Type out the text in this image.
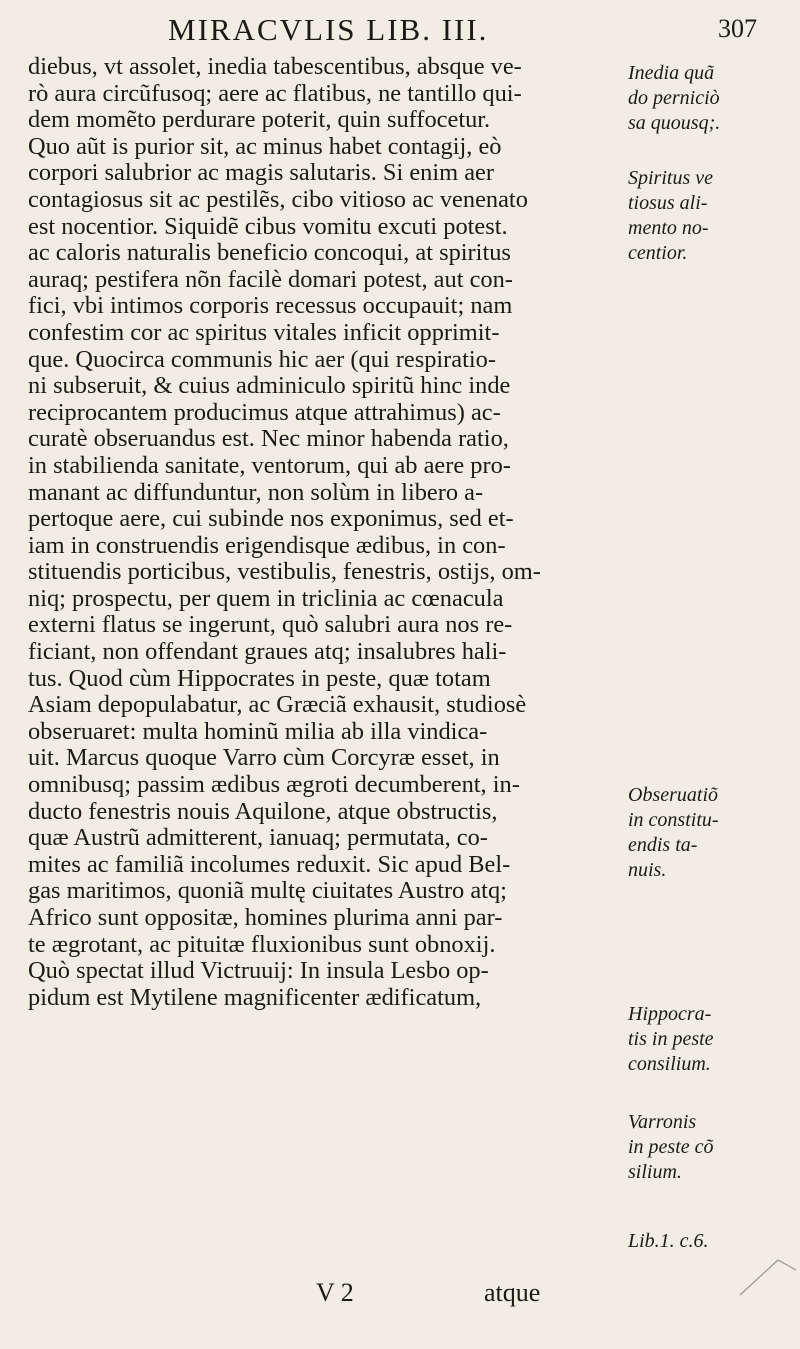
MIRACVLIS LIB. III.	307
diebus, vt assolet, inedia tabescentibus, absque ve-
rò aura circũfusoq; aere ac flatibus, ne tantillo qui-
dem momẽto perdurare poterit, quin suffocetur.
Quo aũt is purior sit, ac minus habet contagij, eò
corpori salubrior ac magis salutaris. Si enim aer
contagiosus sit ac pestilẽs, cibo vitioso ac venenato
est nocentior. Siquidẽ cibus vomitu excuti potest.
ac caloris naturalis beneficio concoqui, at spiritus
auraq; pestifera nõn facilè domari potest, aut con-
fici, vbi intimos corporis recessus occupauit; nam
confestim cor ac spiritus vitales inficit opprimit-
que. Quocirca communis hic aer (qui respiratio-
ni subseruit, & cuius adminiculo spiritũ hinc inde
reciprocantem producimus atque attrahimus) ac-
curatè obseruandus est. Nec minor habenda ratio,
in stabilienda sanitate, ventorum, qui ab aere pro-
manant ac diffunduntur, non solùm in libero a-
pertoque aere, cui subinde nos exponimus, sed et-
iam in construendis erigendisque ædibus, in con-
stituendis porticibus, vestibulis, fenestris, ostijs, om-
niq; prospectu, per quem in triclinia ac cœnacula
externi flatus se ingerunt, quò salubri aura nos re-
ficiant, non offendant graues atq; insalubres hali-
tus. Quod cùm Hippocrates in peste, quæ totam
Asiam depopulabatur, ac Græciã exhausit, studiosè
obseruaret: multa hominũ milia ab illa vindica-
uit. Marcus quoque Varro cùm Corcyræ esset, in
omnibusq; passim ædibus ægroti decumberent, in-
ducto fenestris nouis Aquilone, atque obstructis,
quæ Austrũ admitterent, ianuaq; permutata, co-
mites ac familiã incolumes reduxit. Sic apud Bel-
gas maritimos, quoniã multę ciuitates Austro atq;
Africo sunt oppositæ, homines plurima anni par-
te ægrotant, ac pituitæ fluxionibus sunt obnoxij.
Quò spectat illud Victruuij: In insula Lesbo op-
pidum est Mytilene magnificenter ædificatum,
Inedia quã
do perniciò
sa quousq;.
Spiritus ve
tiosus ali-
mento no-
centior.
Obseruatiõ
in constitu-
endis ta-
nuis.
Hippocra-
tis in peste
consilium.
Varronis
in peste cõ
silium.
Lib.1. c.6.
V 2	atque
